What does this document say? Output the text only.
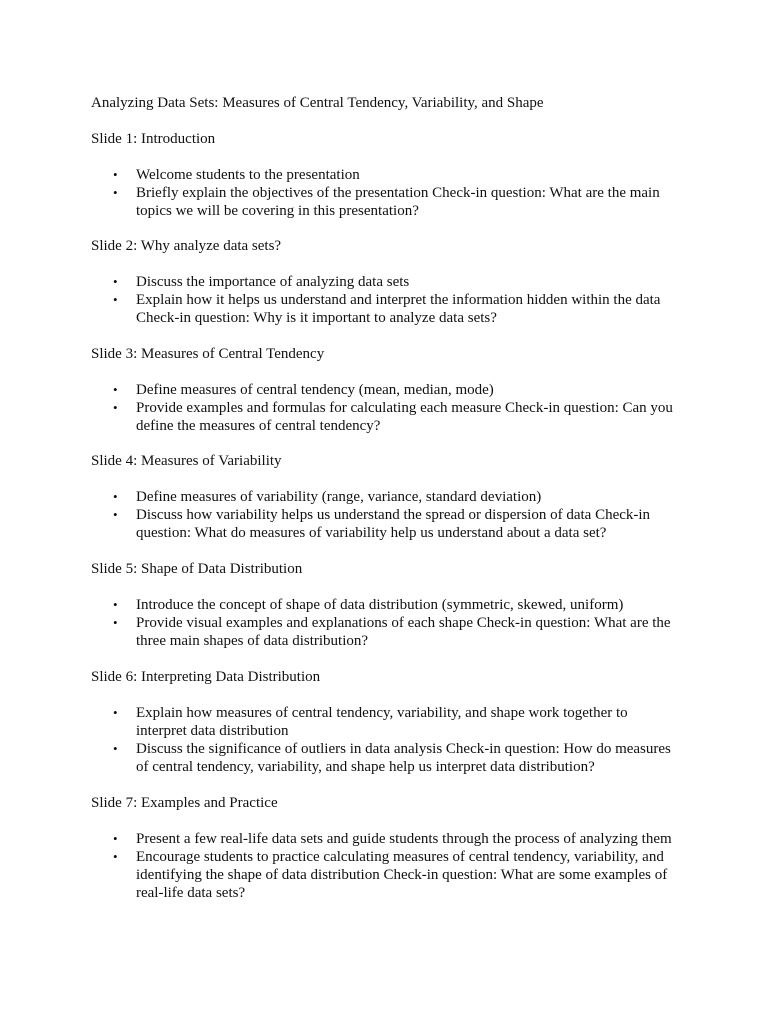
Analyzing Data Sets: Measures of Central Tendency, Variability, and Shape
Slide 1: Introduction
• Welcome students to the presentation
• Briefly explain the objectives of the presentation Check-in question: What are the main topics we will be covering in this presentation?
Slide 2: Why analyze data sets?
• Discuss the importance of analyzing data sets
• Explain how it helps us understand and interpret the information hidden within the data Check-in question: Why is it important to analyze data sets?
Slide 3: Measures of Central Tendency
• Define measures of central tendency (mean, median, mode)
• Provide examples and formulas for calculating each measure Check-in question: Can you define the measures of central tendency?
Slide 4: Measures of Variability
• Define measures of variability (range, variance, standard deviation)
• Discuss how variability helps us understand the spread or dispersion of data Check-in question: What do measures of variability help us understand about a data set?
Slide 5: Shape of Data Distribution
• Introduce the concept of shape of data distribution (symmetric, skewed, uniform)
• Provide visual examples and explanations of each shape Check-in question: What are the three main shapes of data distribution?
Slide 6: Interpreting Data Distribution
• Explain how measures of central tendency, variability, and shape work together to interpret data distribution
• Discuss the significance of outliers in data analysis Check-in question: How do measures of central tendency, variability, and shape help us interpret data distribution?
Slide 7: Examples and Practice
• Present a few real-life data sets and guide students through the process of analyzing them
• Encourage students to practice calculating measures of central tendency, variability, and identifying the shape of data distribution Check-in question: What are some examples of real-life data sets?
